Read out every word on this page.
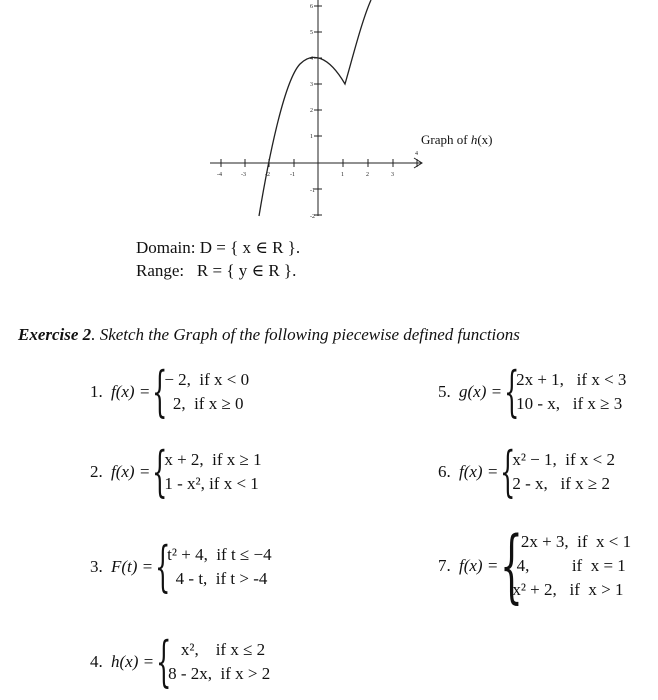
-4	-3	-2	-1	1	2	3
4
6
5
4
3
2
1
-1
-2
Graph of h(x)
Domain: D = { x ∈ R }.
Range:   R = { y ∈ R }.
Exercise 2. Sketch the Graph of the following piecewise defined functions
1.
f(x) = {
− 2,  if x < 0
2,  if x ≥ 0
2.
f(x) = {
x + 2,  if x ≥ 1
1 - x², if x < 1
3.
F(t) = {
t² + 4,  if t ≤ −4
4 - t,  if t > -4
4.
h(x) = {
x²,    if x ≤ 2
8 - 2x,  if x > 2
5.
g(x) = {
2x + 1,   if x < 3
10 - x,   if x ≥ 3
6.
f(x) = {
x² − 1,  if x < 2
2 - x,   if x ≥ 2
7.
f(x) = {
2x + 3,  if  x < 1
4,          if  x = 1
x² + 2,   if  x > 1
